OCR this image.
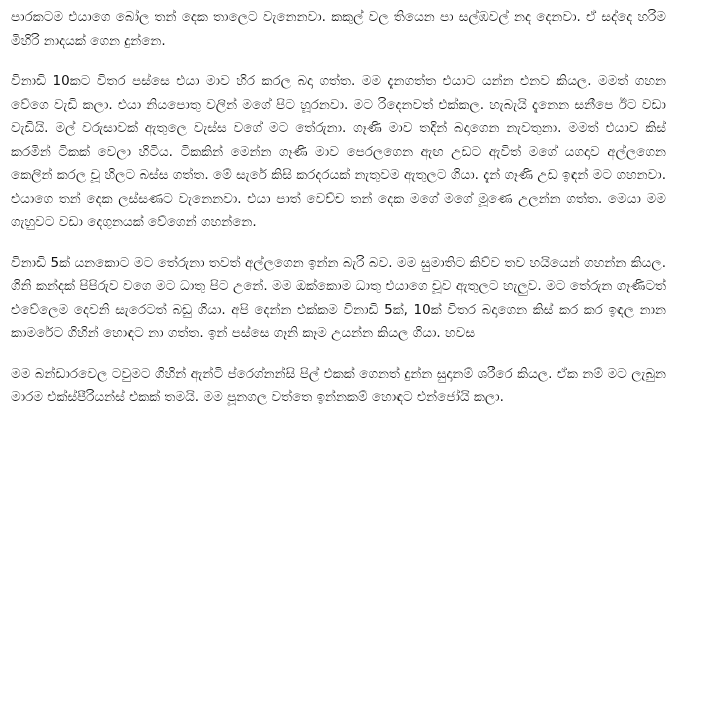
පාරකටම එයාගෙ බෝල තන් දෙක තාලෙට වැනෙනවා. කකුල් වල තියෙන පා සල්ඹවල් නද දෙනවා. ඒ සද්දෙ හරිම මිහිරි නාදයක් ගෙන දුන්නෙ.

විනාඩි 10කට විතර පස්සෙ එයා මාව හිර කරල බදා ගත්ත. මම දැනගත්ත එයාට යන්න එනව කියල. මමත් ගහන වේගෙ වැඩි කලා. එයා නියපොතු වලින් මගේ පිට හූරනවා. මට රිදෙනවත් එක්කල. හැබැයි දැනෙන සනීපෙ ඊට වඩා වැඩියි. මල් වරුසාවක් ඇතුලෙ වැස්ස වගේ මට තේරුනා. ගෑණි මාව තදින් බදාගෙන නැවතුනා. මමත් එයාව කිස් කරමින් ටිකක් වෙලා හිටිය. ටිකකින් මෙන්න ගෑණි මාව පෙරලගෙන ඇඟ උඩට ඇවිත් මගේ යගදාව අල්ලගෙන කෙලින් කරල චූ හිලට බස්ස ගත්ත. මේ සැරේ කිසි කරදරයක් නැතුවම ඇතුලට ගියා. දැන් ගෑණි උඩ ඉඳන් මට ගහනවා. එයාගෙ තන් දෙක ලස්සණට වැනෙනවා. එයා පාත් වෙච්ච තන් දෙක මගේ මගේ මූණෙ උලන්න ගත්ත. මෙයා මම ගැහුවට වඩා දෙගුනයක් වේගෙන් ගහන්නෙ.

විනාඩි 5ක් යනකොට මට තේරුනා තවත් අල්ලගෙන ඉන්න බැරි බව. මම සුමාතිට කිව්ව තව හයියෙන් ගහන්න කියල. ගිනි කන්දක් පිපිරුව වගෙ මට ධාතු පිට උනේ. මම ඔක්කොම ධාතු එයාගෙ චූව ඇතුලට හැලුව. මට තේරුන ගෑණිටත් එවේලෙම දෙවනි සැරෙටත් බඩු ගියා. අපි දෙන්න එක්කම විනාඩි 5ක්, 10ක් විතර බදාගෙන කිස් කර කර ඉඳල නාන කාමරේට ගිහින් හොඳට නා ගත්ත. ඉන් පස්සෙ ගෑනි කෑම උයන්න කියල ගියා. හවස

මම බන්ඩාරවෙල ටවුමට ගිහින් ඇන්ටි ප්රෙග්නන්සි පිල් එකක් ගෙනත් දුන්න සුදානම් ශරීරෙ කියල. ඒක නම් මට ලැබුන මාරම එක්ස්පීරියන්ස් එකක් තමයි. මම පූනගල වත්තෙ ඉන්නකම් හොඳට එන්ජෝයි කලා.
